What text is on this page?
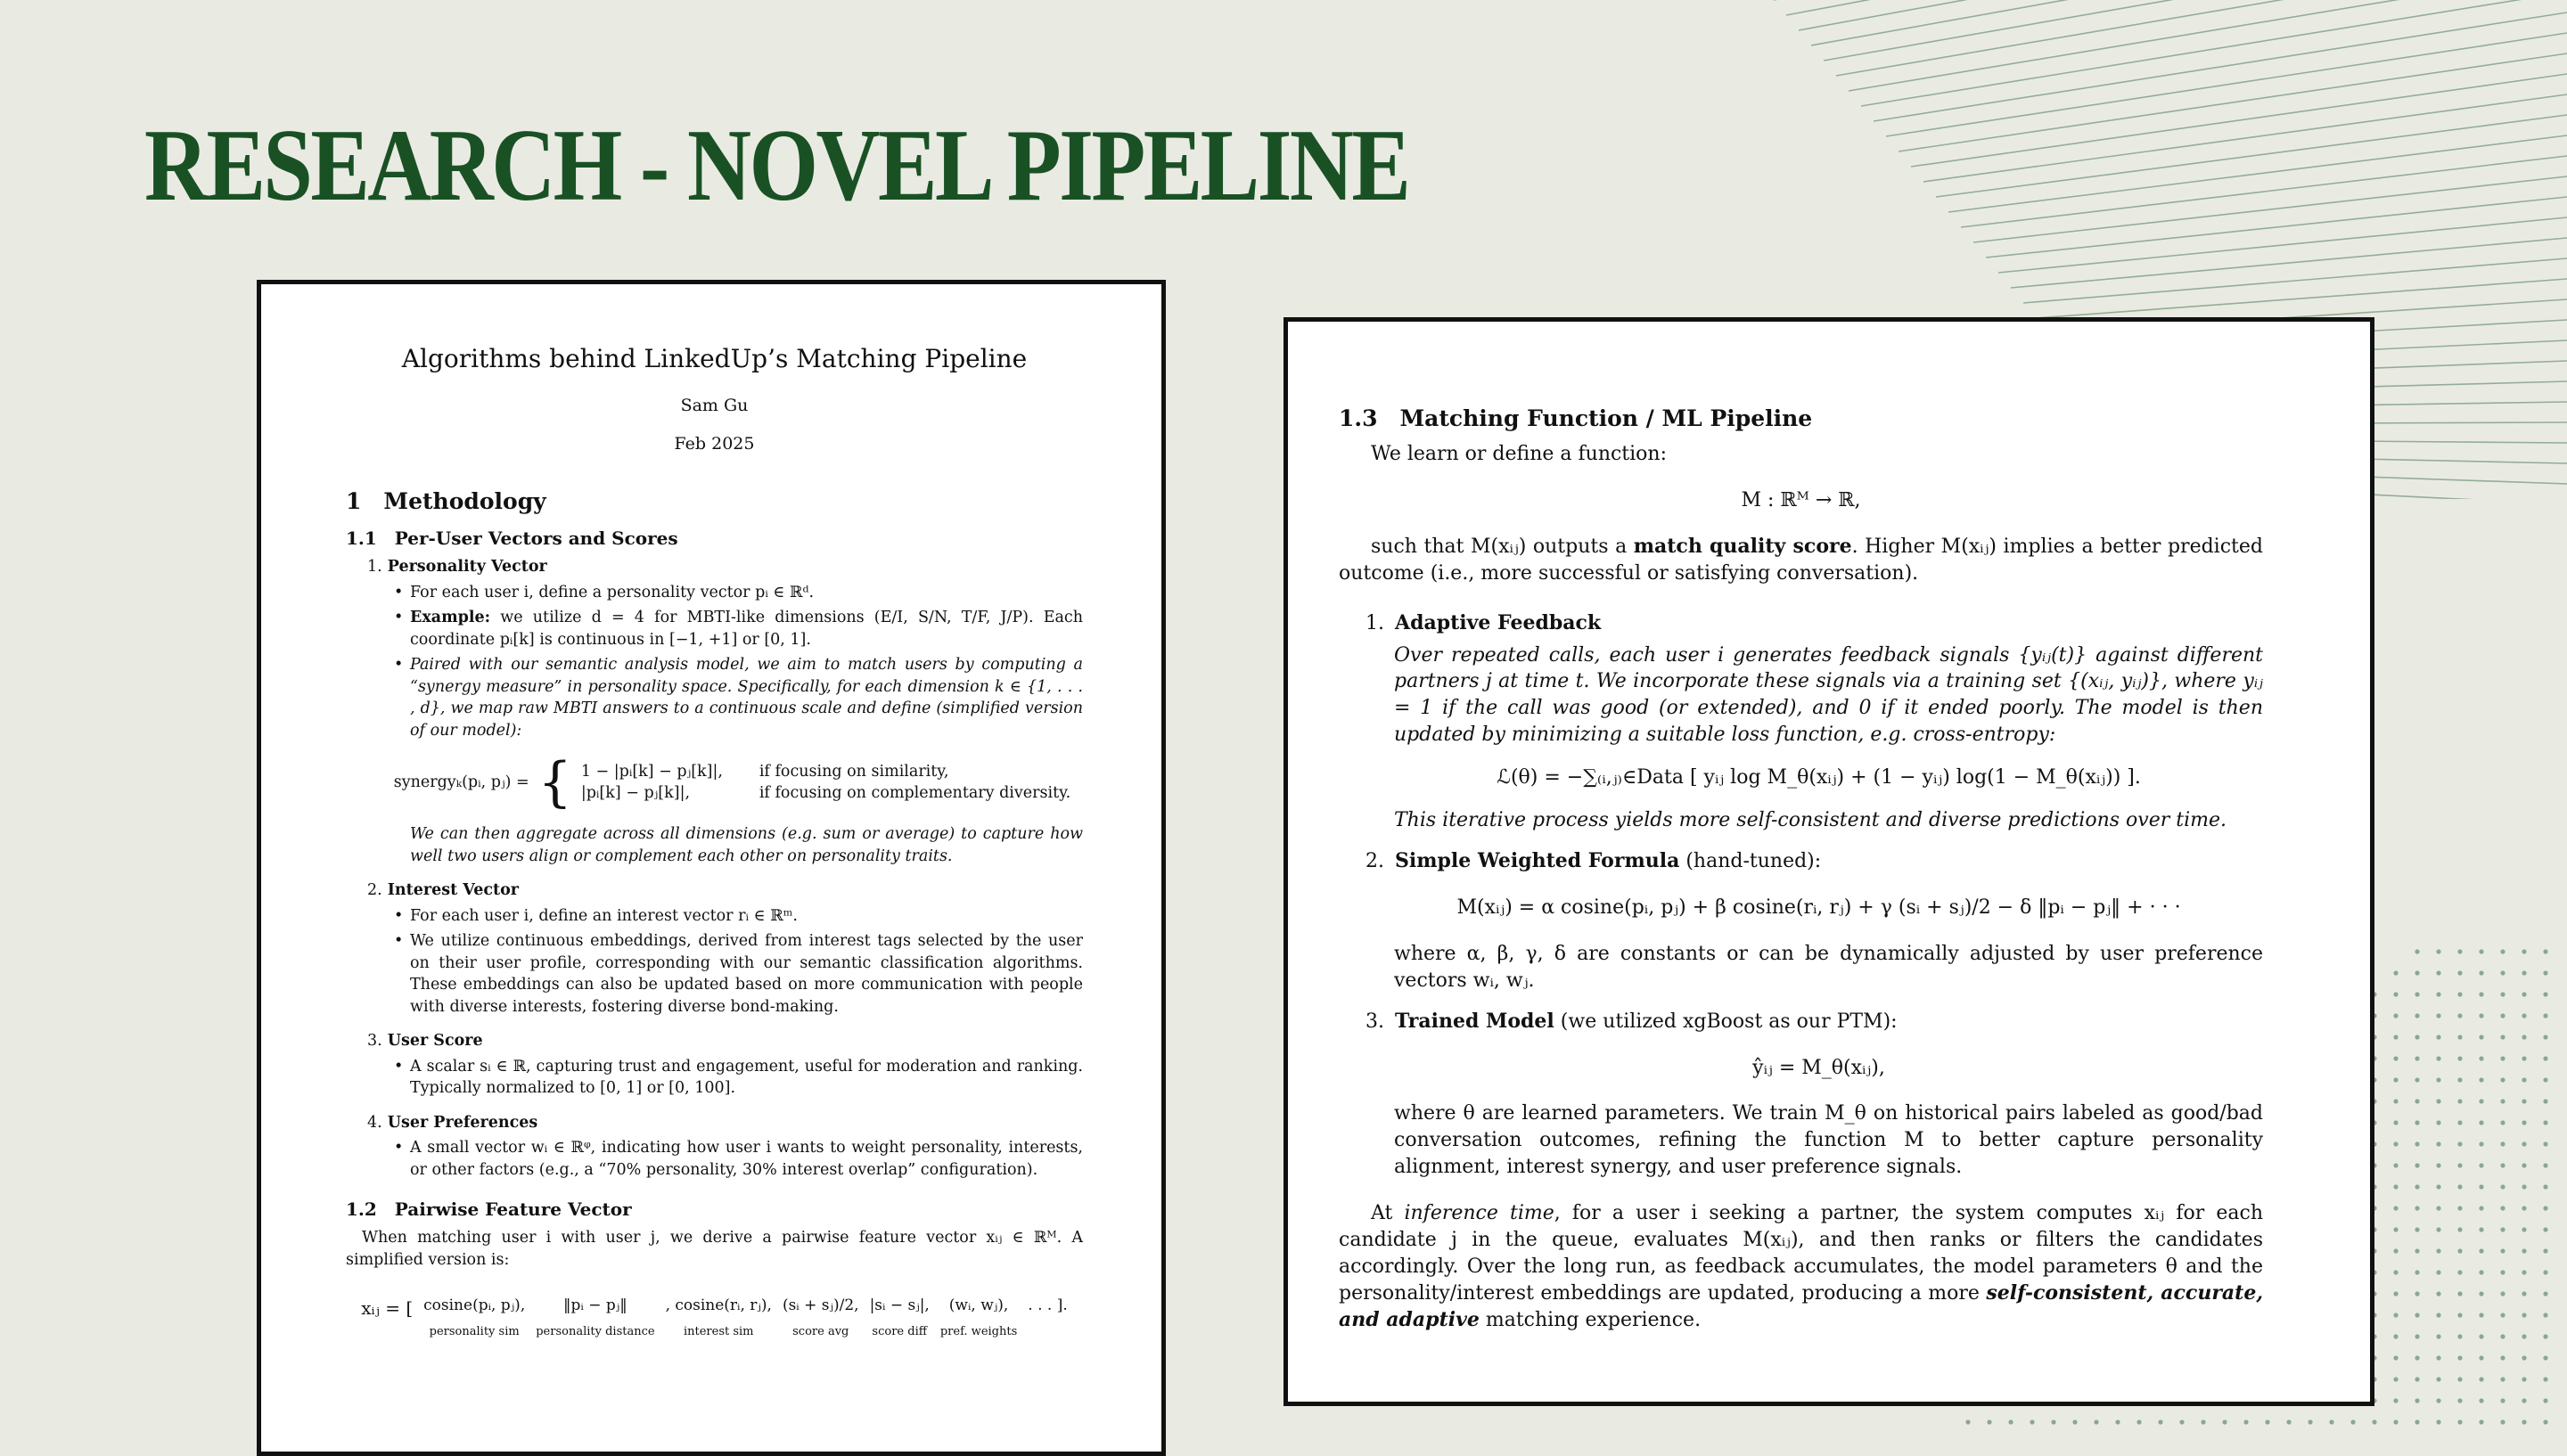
RESEARCH - NOVEL PIPELINE
Algorithms behind LinkedUp’s Matching Pipeline
Sam Gu
Feb 2025
1 Methodology
1.1 Per-User Vectors and Scores
1. Personality Vector

• For each user i, define a personality vector pᵢ ∈ ℝᵈ.

• Example: we utilize d = 4 for MBTI-like dimensions (E/I, S/N, T/F, J/P). Each coordinate pᵢ[k] is continuous in [−1, +1] or [0, 1].

• Paired with our semantic analysis model, we aim to match users by computing a “synergy measure” in personality space. Specifically, for each dimension k ∈ {1, . . . , d}, we map raw MBTI answers to a continuous scale and define (simplified version of our model):

synergyₖ(pᵢ, pⱼ) = { 1 − |pᵢ[k] − pⱼ[k]|,	if focusing on similarity,
|pᵢ[k] − pⱼ[k]|,	if focusing on complementary diversity.

We can then aggregate across all dimensions (e.g. sum or average) to capture how well two users align or complement each other on personality traits.

2. Interest Vector

• For each user i, define an interest vector rᵢ ∈ ℝᵐ.

• We utilize continuous embeddings, derived from interest tags selected by the user on their user profile, corresponding with our semantic classification algorithms. These embeddings can also be updated based on more communication with people with diverse interests, fostering diverse bond-making.

3. User Score

• A scalar sᵢ ∈ ℝ, capturing trust and engagement, useful for moderation and ranking. Typically normalized to [0, 1] or [0, 100].

4. User Preferences

• A small vector wᵢ ∈ ℝᵠ, indicating how user i wants to weight personality, interests, or other factors (e.g., a “70% personality, 30% interest overlap” configuration).

1.2 Pairwise Feature Vector

When matching user i with user j, we derive a pairwise feature vector xᵢⱼ ∈ ℝᴹ. A simplified version is:

xᵢⱼ = [ cosine(pᵢ, pⱼ),
personality sim
‖pᵢ − pⱼ‖
personality distance
, cosine(rᵢ, rⱼ),
interest sim
(sᵢ + sⱼ)/2,
score avg
|sᵢ − sⱼ|,
score diff
(wᵢ, wⱼ),
pref. weights
. . . ].
1.3 Matching Function / ML Pipeline

We learn or define a function:

M : ℝᴹ → ℝ,

such that M(xᵢⱼ) outputs a match quality score. Higher M(xᵢⱼ) implies a better predicted outcome (i.e., more successful or satisfying conversation).

1. Adaptive Feedback

Over repeated calls, each user i generates feedback signals {yᵢⱼ(t)} against different partners j at time t. We incorporate these signals via a training set {(xᵢⱼ, yᵢⱼ)}, where yᵢⱼ = 1 if the call was good (or extended), and 0 if it ended poorly. The model is then updated by minimizing a suitable loss function, e.g. cross-entropy:

ℒ(θ) = −∑₍ᵢ,ⱼ₎∈Data [ yᵢⱼ log M_θ(xᵢⱼ) + (1 − yᵢⱼ) log(1 − M_θ(xᵢⱼ)) ].

This iterative process yields more self-consistent and diverse predictions over time.

2. Simple Weighted Formula (hand-tuned):
M(xᵢⱼ) = α cosine(pᵢ, pⱼ) + β cosine(rᵢ, rⱼ) + γ (sᵢ + sⱼ)/2 − δ ‖pᵢ − pⱼ‖ + · · ·

where α, β, γ, δ are constants or can be dynamically adjusted by user preference vectors wᵢ, wⱼ.

3. Trained Model (we utilized xgBoost as our PTM):
ŷᵢⱼ = M_θ(xᵢⱼ),

where θ are learned parameters. We train M_θ on historical pairs labeled as good/bad conversation outcomes, refining the function M to better capture personality alignment, interest synergy, and user preference signals.

At inference time, for a user i seeking a partner, the system computes xᵢⱼ for each candidate j in the queue, evaluates M(xᵢⱼ), and then ranks or filters the candidates accordingly. Over the long run, as feedback accumulates, the model parameters θ and the personality/interest embeddings are updated, producing a more self-consistent, accurate, and adaptive matching experience.
